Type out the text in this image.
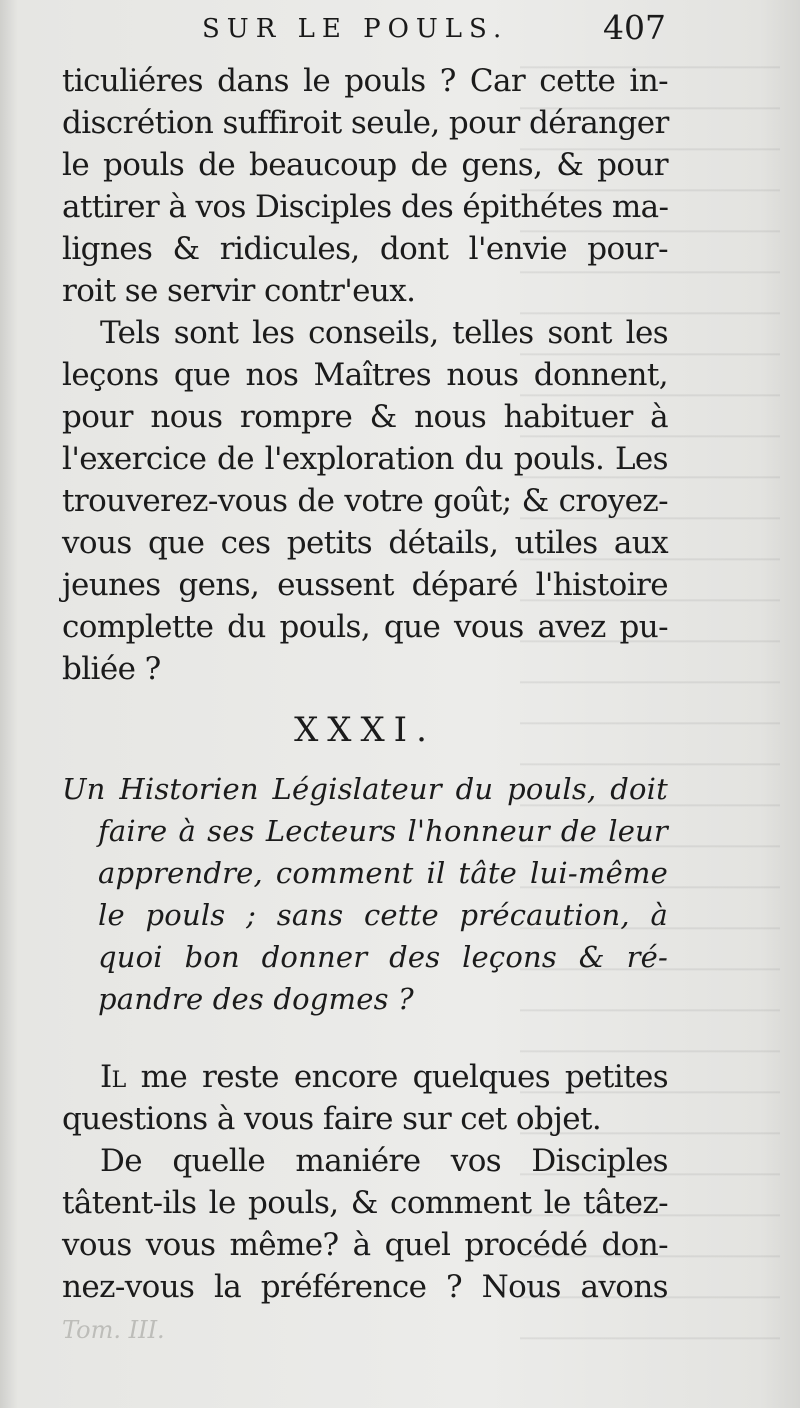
SUR LE POULS.	407
ticuliéres dans le pouls ? Car cette in-
discrétion suffiroit seule, pour déranger
le pouls de beaucoup de gens, & pour
attirer à vos Disciples des épithétes ma-
lignes & ridicules, dont l'envie pour-
roit se servir contr'eux.
Tels sont les conseils, telles sont les
leçons que nos Maîtres nous donnent,
pour nous rompre & nous habituer à
l'exercice de l'exploration du pouls. Les
trouverez-vous de votre goût; & croyez-
vous que ces petits détails, utiles aux
jeunes gens, eussent déparé l'histoire
complette du pouls, que vous avez pu-
bliée ?
XXXI.
Un Historien Législateur du pouls, doit
faire à ses Lecteurs l'honneur de leur
apprendre, comment il tâte lui-même
le pouls ; sans cette précaution, à
quoi bon donner des leçons & ré-
pandre des dogmes ?
Il me reste encore quelques petites
questions à vous faire sur cet objet.
De quelle maniére vos Disciples
tâtent-ils le pouls, & comment le tâtez-
vous vous même? à quel procédé don-
nez-vous la préférence ? Nous avons
Tom. III.
